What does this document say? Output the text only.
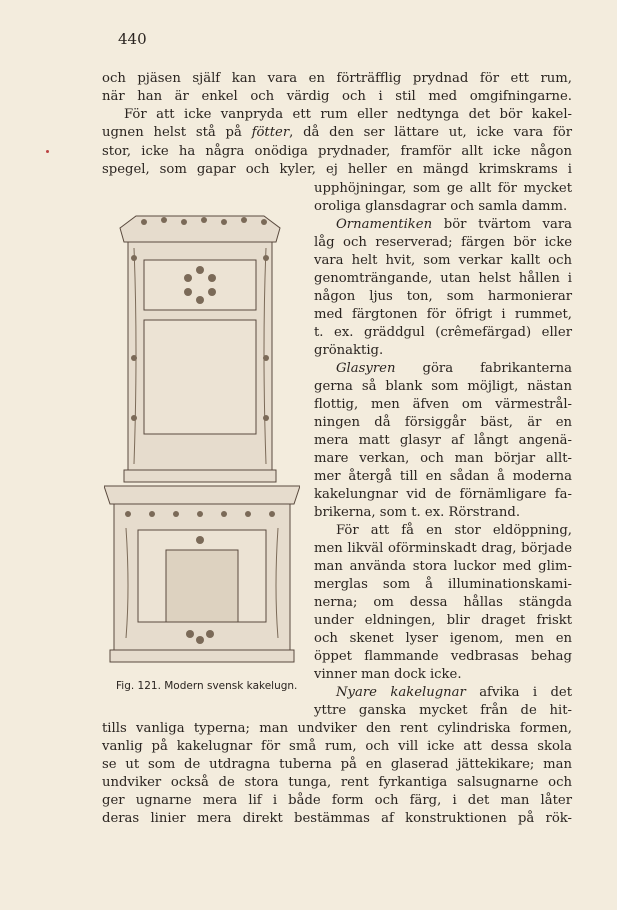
440
och pjäsen själf kan vara en förträfflig prydnad för ett rum,
när han är enkel och värdig och i stil med omgifningarne.
För att icke vanpryda ett rum eller nedtynga det bör kakel-
ugnen helst stå på fötter, då den ser lättare ut, icke vara för
stor, icke ha några onödiga prydnader, framför allt icke någon
spegel, som gapar och kyler, ej heller en mängd krimskrams i
upphöjningar, som ge allt för mycket
oroliga glansdagrar och samla damm.
Ornamentiken bör tvärtom vara
låg och reserverad; färgen bör icke
vara helt hvit, som verkar kallt och
genomträngande, utan helst hållen i
någon ljus ton, som harmonierar
med färgtonen för öfrigt i rummet,
t. ex. gräddgul (crêmefärgad) eller
grönaktig.
Glasyren göra fabrikanterna
gerna så blank som möjligt, nästan
flottig, men äfven om värmestrål-
ningen då försiggår bäst, är en
mera matt glasyr af långt angenä-
mare verkan, och man börjar allt-
mer återgå till en sådan å moderna
kakelungnar vid de förnämligare fa-
brikerna, som t. ex. Rörstrand.
För att få en stor eldöppning,
men likväl oförminskadt drag, började
man använda stora luckor med glim-
merglas som å illuminationskami-
nerna; om dessa hållas stängda
under eldningen, blir draget friskt
och skenet lyser igenom, men en
öppet flammande vedbrasas behag
vinner man dock icke.
Nyare kakelugnar afvika i det
yttre ganska mycket från de hit-
tills vanliga typerna; man undviker den rent cylindriska formen,
vanlig på kakelugnar för små rum, och vill icke att dessa skola
se ut som de utdragna tuberna på en glaserad jättekikare; man
undviker också de stora tunga, rent fyrkantiga salsugnarne och
ger ugnarne mera lif i både form och färg, i det man låter
deras linier mera direkt bestämmas af konstruktionen på rök-
Fig. 121. Modern svensk kakelugn.
